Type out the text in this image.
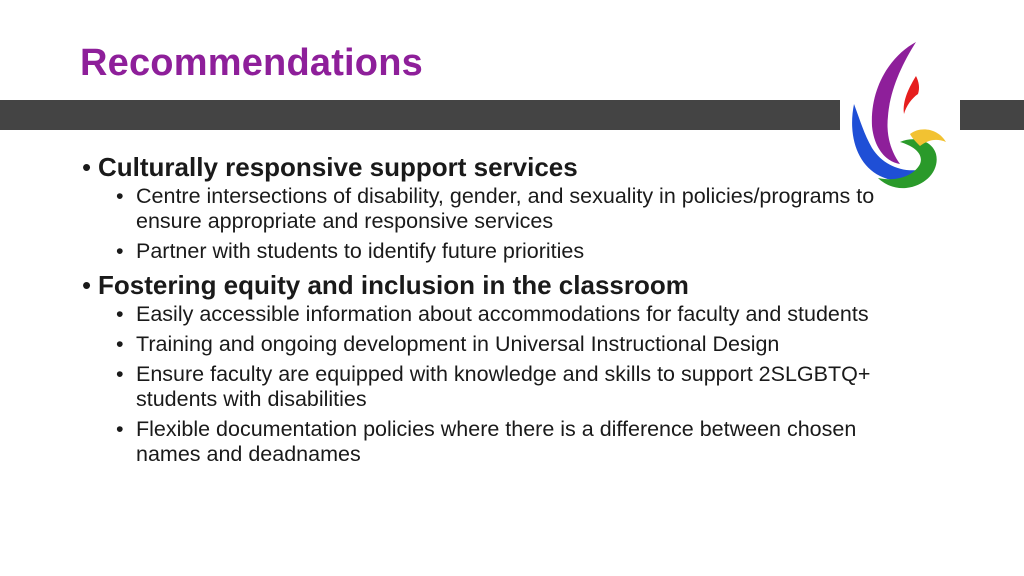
Recommendations
• Culturally responsive support services
• Centre intersections of disability, gender, and sexuality in policies/programs to ensure appropriate and responsive services
• Partner with students to identify future priorities
• Fostering equity and inclusion in the classroom
• Easily accessible information about accommodations for faculty and students
• Training and ongoing development in Universal Instructional Design
• Ensure faculty are equipped with knowledge and skills to support 2SLGBTQ+ students with disabilities
• Flexible documentation policies where there is a difference between chosen names and deadnames
